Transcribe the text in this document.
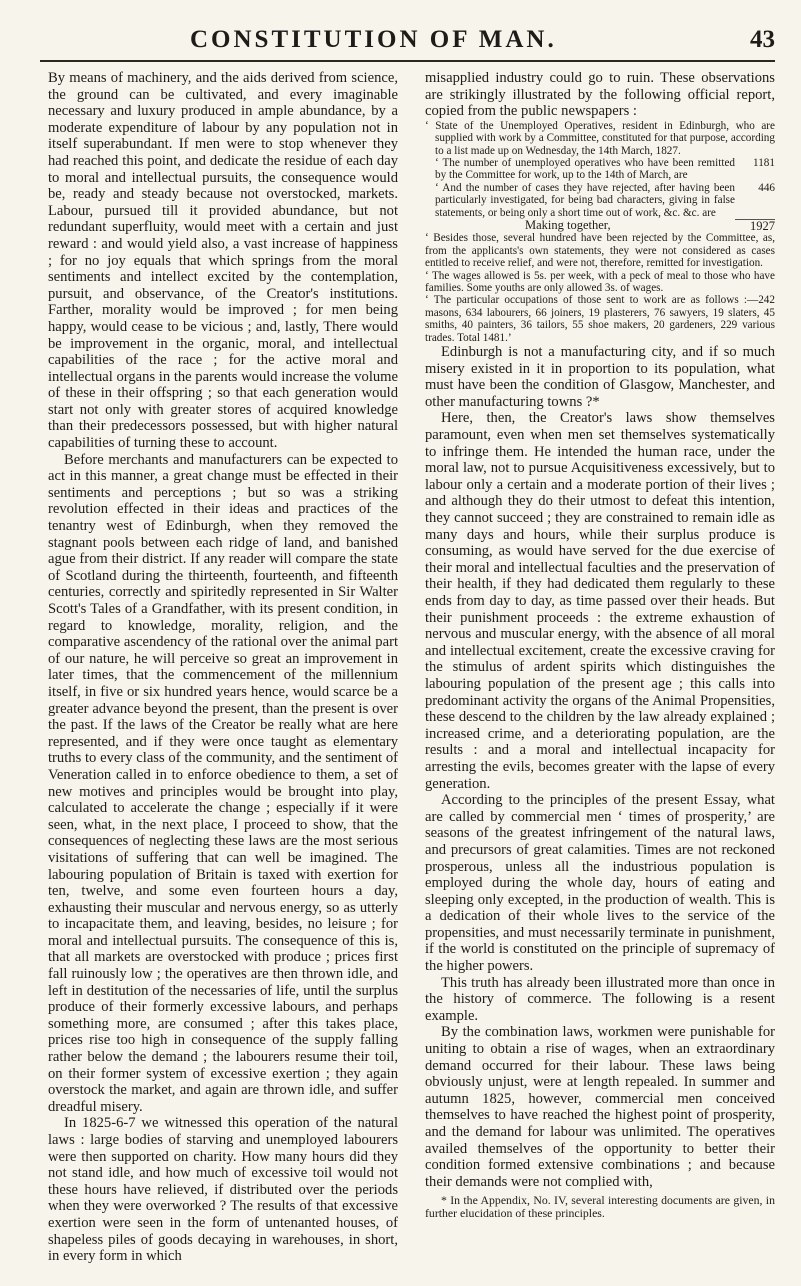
CONSTITUTION OF MAN.	43

By means of machinery, and the aids derived from science, the ground can be cultivated, and every imaginable necessary and luxury produced in ample abundance, by a moderate expenditure of labour by any population not in itself superabundant. If men were to stop whenever they had reached this point, and dedicate the residue of each day to moral and intellectual pursuits, the consequence would be, ready and steady because not overstocked, markets. Labour, pursued till it provided abundance, but not redundant superfluity, would meet with a certain and just reward : and would yield also, a vast increase of happiness ; for no joy equals that which springs from the moral sentiments and intellect excited by the contemplation, pursuit, and observance, of the Creator's institutions. Farther, morality would be improved ; for men being happy, would cease to be vicious ; and, lastly, There would be improvement in the organic, moral, and intellectual capabilities of the race ; for the active moral and intellectual organs in the parents would increase the volume of these in their offspring ; so that each generation would start not only with greater stores of acquired knowledge than their predecessors possessed, but with higher natural capabilities of turning these to account.

Before merchants and manufacturers can be expected to act in this manner, a great change must be effected in their sentiments and perceptions ; but so was a striking revolution effected in their ideas and practices of the tenantry west of Edinburgh, when they removed the stagnant pools between each ridge of land, and banished ague from their district. If any reader will compare the state of Scotland during the thirteenth, fourteenth, and fifteenth centuries, correctly and spiritedly represented in Sir Walter Scott's Tales of a Grandfather, with its present condition, in regard to knowledge, morality, religion, and the comparative ascendency of the rational over the animal part of our nature, he will perceive so great an improvement in later times, that the commencement of the millennium itself, in five or six hundred years hence, would scarce be a greater advance beyond the present, than the present is over the past. If the laws of the Creator be really what are here represented, and if they were once taught as elementary truths to every class of the community, and the sentiment of Veneration called in to enforce obedience to them, a set of new motives and principles would be brought into play, calculated to accelerate the change ; especially if it were seen, what, in the next place, I proceed to show, that the consequences of neglecting these laws are the most serious visitations of suffering that can well be imagined. The labouring population of Britain is taxed with exertion for ten, twelve, and some even fourteen hours a day, exhausting their muscular and nervous energy, so as utterly to incapacitate them, and leaving, besides, no leisure ; for moral and intellectual pursuits. The consequence of this is, that all markets are overstocked with produce ; prices first fall ruinously low ; the operatives are then thrown idle, and left in destitution of the necessaries of life, until the surplus produce of their formerly excessive labours, and perhaps something more, are consumed ; after this takes place, prices rise too high in consequence of the supply falling rather below the demand ; the labourers resume their toil, on their former system of excessive exertion ; they again overstock the market, and again are thrown idle, and suffer dreadful misery.

In 1825-6-7 we witnessed this operation of the natural laws : large bodies of starving and unemployed labourers were then supported on charity. How many hours did they not stand idle, and how much of excessive toil would not these hours have relieved, if distributed over the periods when they were overworked ? The results of that excessive exertion were seen in the form of untenanted houses, of shapeless piles of goods decaying in warehouses, in short, in every form in which

misapplied industry could go to ruin. These observations are strikingly illustrated by the following official report, copied from the public newspapers :

‘ State of the Unemployed Operatives, resident in Edinburgh, who are supplied with work by a Committee, constituted for that purpose, according to a list made up on Wednesday, the 14th March, 1827.

‘ The number of unemployed operatives who have been remitted by the Committee for work, up to the 14th of March, are
1181
‘ And the number of cases they have rejected, after having been particularly investigated, for being bad characters, giving in false statements, or being only a short time out of work, &c. &c. are
446
Making together,	1927

‘ Besides those, several hundred have been rejected by the Committee, as, from the applicants's own statements, they were not considered as cases entitled to receive relief, and were not, therefore, remitted for investigation.

‘ The wages allowed is 5s. per week, with a peck of meal to those who have families. Some youths are only allowed 3s. of wages.

‘ The particular occupations of those sent to work are as follows :—242 masons, 634 labourers, 66 joiners, 19 plasterers, 76 sawyers, 19 slaters, 45 smiths, 40 painters, 36 tailors, 55 shoe makers, 20 gardeners, 229 various trades. Total 1481.’

Edinburgh is not a manufacturing city, and if so much misery existed in it in proportion to its population, what must have been the condition of Glasgow, Manchester, and other manufacturing towns ?*

Here, then, the Creator's laws show themselves paramount, even when men set themselves systematically to infringe them. He intended the human race, under the moral law, not to pursue Acquisitiveness excessively, but to labour only a certain and a moderate portion of their lives ; and although they do their utmost to defeat this intention, they cannot succeed ; they are constrained to remain idle as many days and hours, while their surplus produce is consuming, as would have served for the due exercise of their moral and intellectual faculties and the preservation of their health, if they had dedicated them regularly to these ends from day to day, as time passed over their heads. But their punishment proceeds : the extreme exhaustion of nervous and muscular energy, with the absence of all moral and intellectual excitement, create the excessive craving for the stimulus of ardent spirits which distinguishes the labouring population of the present age ; this calls into predominant activity the organs of the Animal Propensities, these descend to the children by the law already explained ; increased crime, and a deteriorating population, are the results : and a moral and intellectual incapacity for arresting the evils, becomes greater with the lapse of every generation.

According to the principles of the present Essay, what are called by commercial men ‘ times of prosperity,’ are seasons of the greatest infringement of the natural laws, and precursors of great calamities. Times are not reckoned prosperous, unless all the industrious population is employed during the whole day, hours of eating and sleeping only excepted, in the production of wealth. This is a dedication of their whole lives to the service of the propensities, and must necessarily terminate in punishment, if the world is constituted on the principle of supremacy of the higher powers.

This truth has already been illustrated more than once in the history of commerce. The following is a resent example.

By the combination laws, workmen were punishable for uniting to obtain a rise of wages, when an extraordinary demand occurred for their labour. These laws being obviously unjust, were at length repealed. In summer and autumn 1825, however, commercial men conceived themselves to have reached the highest point of prosperity, and the demand for labour was unlimited. The operatives availed themselves of the opportunity to better their condition formed extensive combinations ; and because their demands were not complied with,

* In the Appendix, No. IV, several interesting documents are given, in further elucidation of these principles.
